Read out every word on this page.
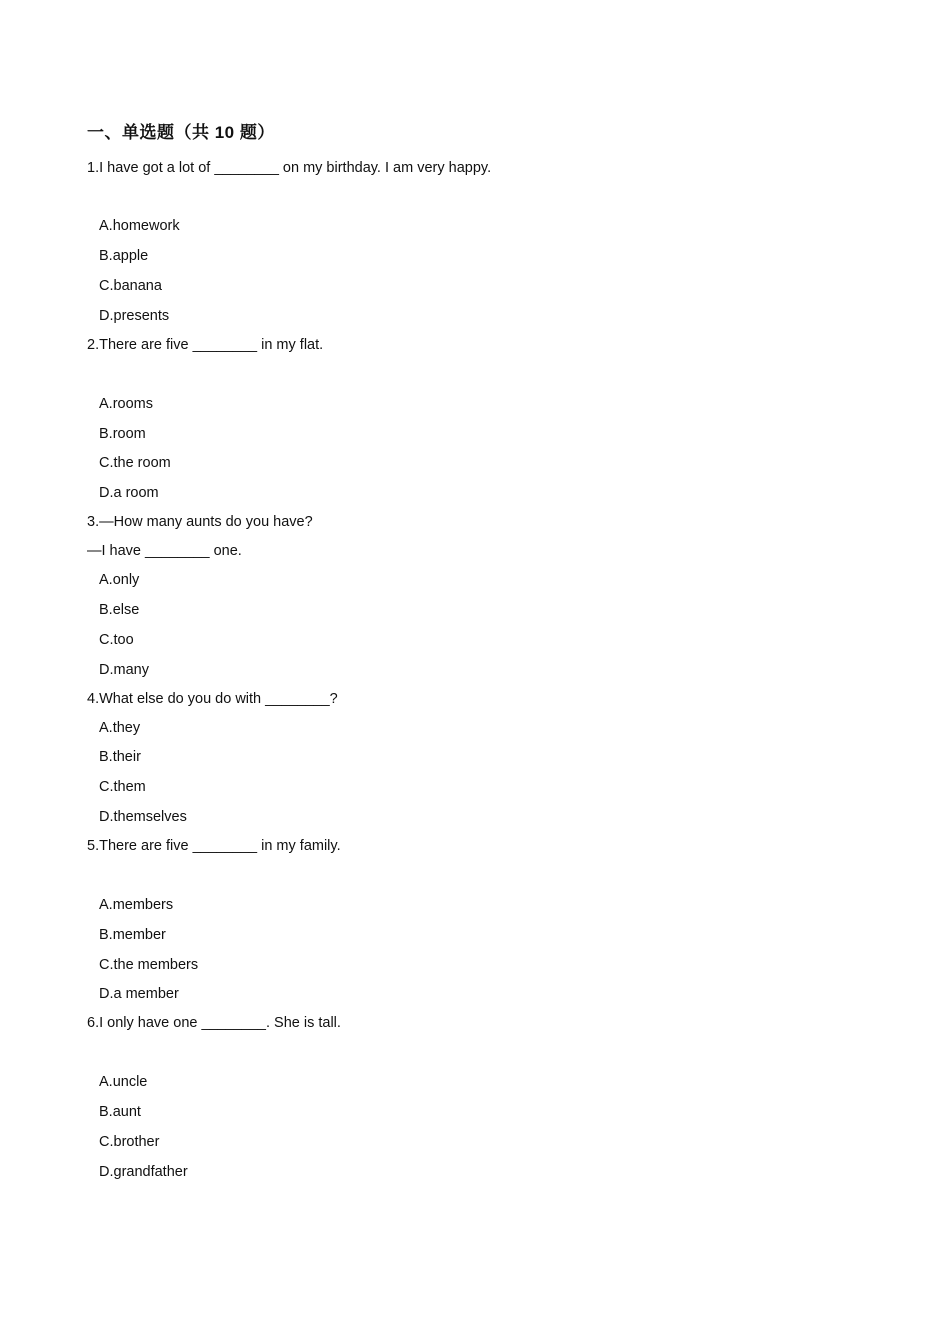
一、单选题（共 10 题）
1.I have got a lot of ________ on my birthday. I am very happy.
A.homework
B.apple
C.banana
D.presents
2.There are five ________ in my flat.
A.rooms
B.room
C.the room
D.a room
3.—How many aunts do you have?
—I have ________ one.
A.only
B.else
C.too
D.many
4.What else do you do with ________?
A.they
B.their
C.them
D.themselves
5.There are five ________ in my family.
A.members
B.member
C.the members
D.a member
6.I only have one ________. She is tall.
A.uncle
B.aunt
C.brother
D.grandfather
